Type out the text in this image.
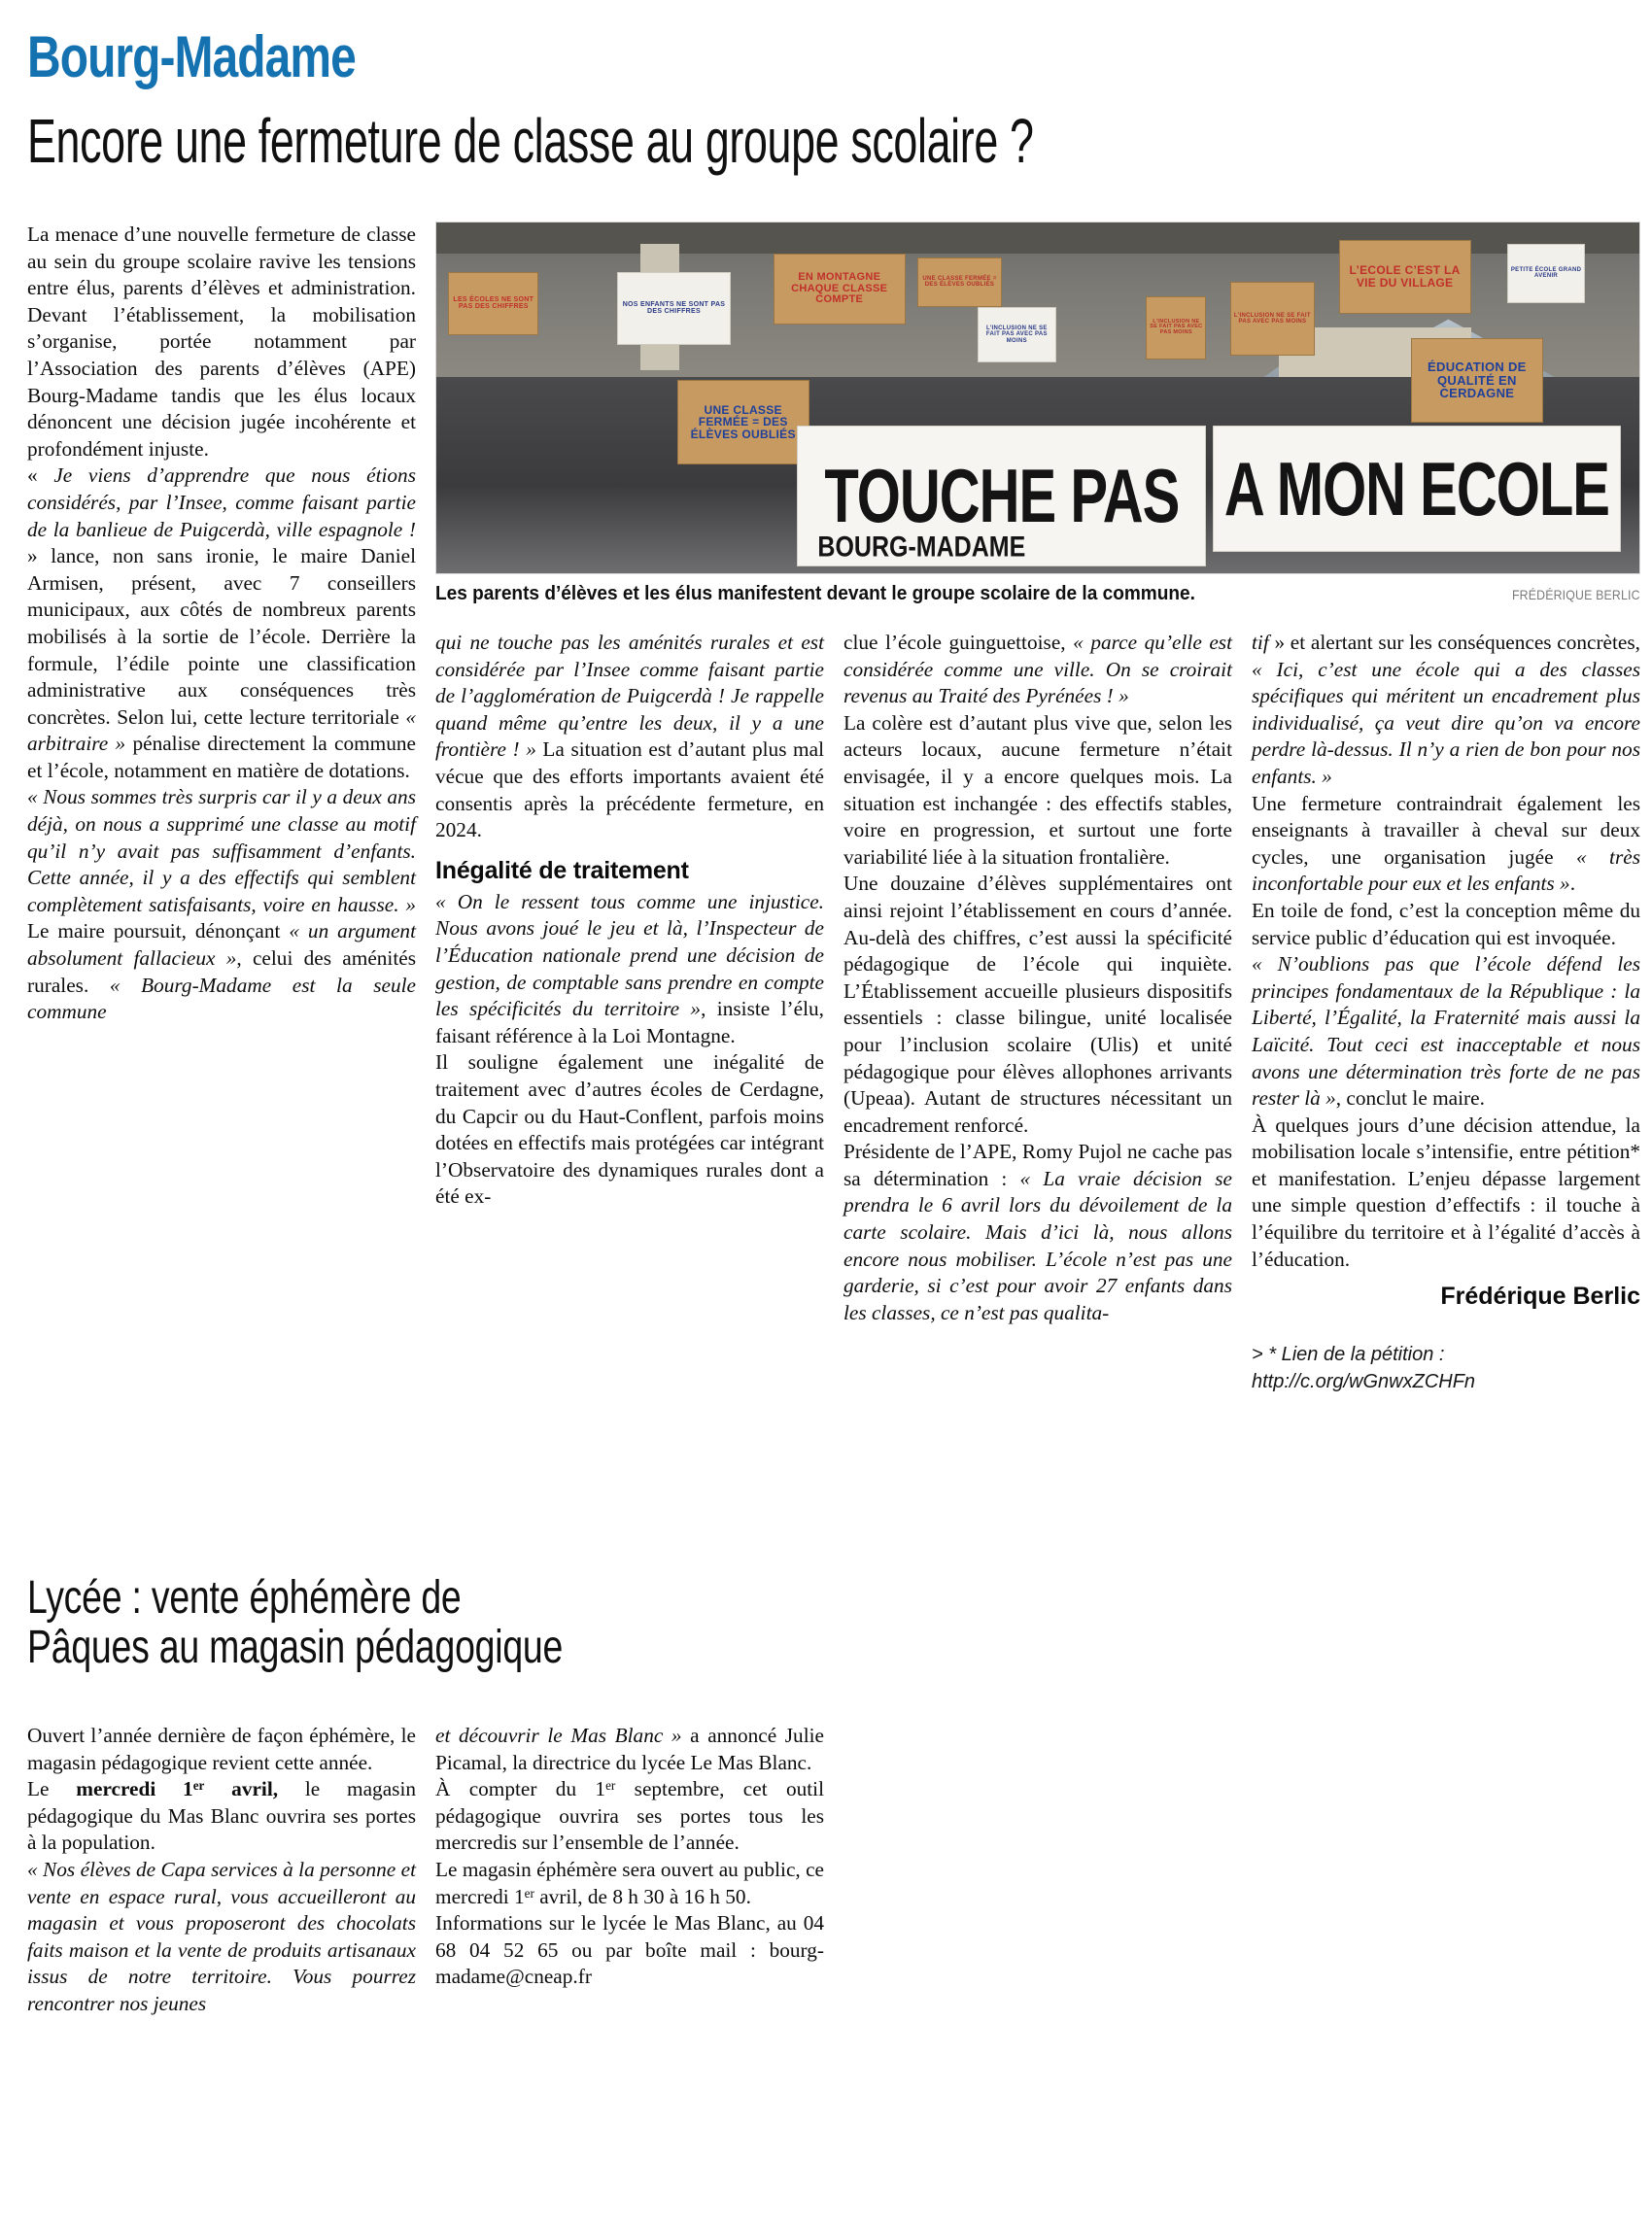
Bourg-Madame
Encore une fermeture de classe au groupe scolaire ?
LES ÉCOLES NE SONT PAS DES CHIFFRES	NOS ENFANTS NE SONT PAS DES CHIFFRES
EN MONTAGNE CHAQUE CLASSE COMPTE
UNE CLASSE FERMÉE = DES ÉLÈVES OUBLIÉS
L’INCLUSION NE SE FAIT PAS AVEC PAS MOINS
L’INCLUSION NE SE FAIT PAS AVEC PAS MOINS
L’INCLUSION NE SE FAIT PAS AVEC PAS MOINS
L’ECOLE C’EST LA VIE DU VILLAGE
PETITE ÉCOLE GRAND AVENIR
ÉDUCATION DE QUALITÉ EN CERDAGNE
UNE CLASSE FERMÉE = DES ÉLÈVES OUBLIÉS
TOUCHE PAS
BOURG-MADAME
A MON ECOLE
Les parents d’élèves et les élus manifestent devant le groupe scolaire de la commune.	FRÉDÉRIQUE BERLIC

La menace d’une nouvelle fermeture de classe au sein du groupe scolaire ravive les tensions entre élus, parents d’élèves et administration. Devant l’établissement, la mobilisation s’organise, portée notamment par l’Association des parents d’élèves (APE) Bourg-Madame tandis que les élus locaux dénoncent une décision jugée incohérente et profondément injuste.

« Je viens d’apprendre que nous étions considérés, par l’Insee, comme faisant partie de la banlieue de Puigcerdà, ville espagnole ! » lance, non sans ironie, le maire Daniel Armisen, présent, avec 7 conseillers municipaux, aux côtés de nombreux parents mobilisés à la sortie de l’école. Derrière la formule, l’édile pointe une classification administrative aux conséquences très concrètes. Selon lui, cette lecture territoriale « arbitraire » pénalise directement la commune et l’école, notamment en matière de dotations.

« Nous sommes très surpris car il y a deux ans déjà, on nous a supprimé une classe au motif qu’il n’y avait pas suffisamment d’enfants. Cette année, il y a des effectifs qui semblent complètement satisfaisants, voire en hausse. » Le maire poursuit, dénonçant « un argument absolument fallacieux », celui des aménités rurales. « Bourg-Madame est la seule commune

qui ne touche pas les aménités rurales et est considérée par l’Insee comme faisant partie de l’agglomération de Puigcerdà ! Je rappelle quand même qu’entre les deux, il y a une frontière ! » La situation est d’autant plus mal vécue que des efforts importants avaient été consentis après la précédente fermeture, en 2024.

Inégalité de traitement

« On le ressent tous comme une injustice. Nous avons joué le jeu et là, l’Inspecteur de l’Éducation nationale prend une décision de gestion, de comptable sans prendre en compte les spécificités du territoire », insiste l’élu, faisant référence à la Loi Montagne.

Il souligne également une inégalité de traitement avec d’autres écoles de Cerdagne, du Capcir ou du Haut-Conflent, parfois moins dotées en effectifs mais protégées car intégrant l’Observatoire des dynamiques rurales dont a été ex-

clue l’école guinguettoise, « parce qu’elle est considérée comme une ville. On se croirait revenus au Traité des Pyrénées ! »

La colère est d’autant plus vive que, selon les acteurs locaux, aucune fermeture n’était envisagée, il y a encore quelques mois. La situation est inchangée : des effectifs stables, voire en progression, et surtout une forte variabilité liée à la situation frontalière.

Une douzaine d’élèves supplémentaires ont ainsi rejoint l’établissement en cours d’année. Au-delà des chiffres, c’est aussi la spécificité pédagogique de l’école qui inquiète. L’Établissement accueille plusieurs dispositifs essentiels : classe bilingue, unité localisée pour l’inclusion scolaire (Ulis) et unité pédagogique pour élèves allophones arrivants (Upeaa). Autant de structures nécessitant un encadrement renforcé.

Présidente de l’APE, Romy Pujol ne cache pas sa détermination : « La vraie décision se prendra le 6 avril lors du dévoilement de la carte scolaire. Mais d’ici là, nous allons encore nous mobiliser. L’école n’est pas une garderie, si c’est pour avoir 27 enfants dans les classes, ce n’est pas qualita-

tif » et alertant sur les conséquences concrètes, « Ici, c’est une école qui a des classes spécifiques qui méritent un encadrement plus individualisé, ça veut dire qu’on va encore perdre là-dessus. Il n’y a rien de bon pour nos enfants. »

Une fermeture contraindrait également les enseignants à travailler à cheval sur deux cycles, une organisation jugée « très inconfortable pour eux et les enfants ».

En toile de fond, c’est la conception même du service public d’éducation qui est invoquée.

« N’oublions pas que l’école défend les principes fondamentaux de la République : la Liberté, l’Égalité, la Fraternité mais aussi la Laïcité. Tout ceci est inacceptable et nous avons une détermination très forte de ne pas rester là », conclut le maire.

À quelques jours d’une décision attendue, la mobilisation locale s’intensifie, entre pétition* et manifestation. L’enjeu dépasse largement une simple question d’effectifs : il touche à l’équilibre du territoire et à l’égalité d’accès à l’éducation.

Frédérique Berlic
> * Lien de la pétition :
http://c.org/wGnwxZCHFn
Lycée : vente éphémère de
Pâques au magasin pédagogique

Ouvert l’année dernière de façon éphémère, le magasin pédagogique revient cette année.

Le mercredi 1er avril, le magasin pédagogique du Mas Blanc ouvrira ses portes à la population.

« Nos élèves de Capa services à la personne et vente en espace rural, vous accueilleront au magasin et vous proposeront des chocolats faits maison et la vente de produits artisanaux issus de notre territoire. Vous pourrez rencontrer nos jeunes

et découvrir le Mas Blanc » a annoncé Julie Picamal, la directrice du lycée Le Mas Blanc.

À compter du 1er septembre, cet outil pédagogique ouvrira ses portes tous les mercredis sur l’ensemble de l’année.

Le magasin éphémère sera ouvert au public, ce mercredi 1er avril, de 8 h 30 à 16 h 50.

Informations sur le lycée le Mas Blanc, au 04 68 04 52 65 ou par boîte mail : bourg-madame@cneap.fr
